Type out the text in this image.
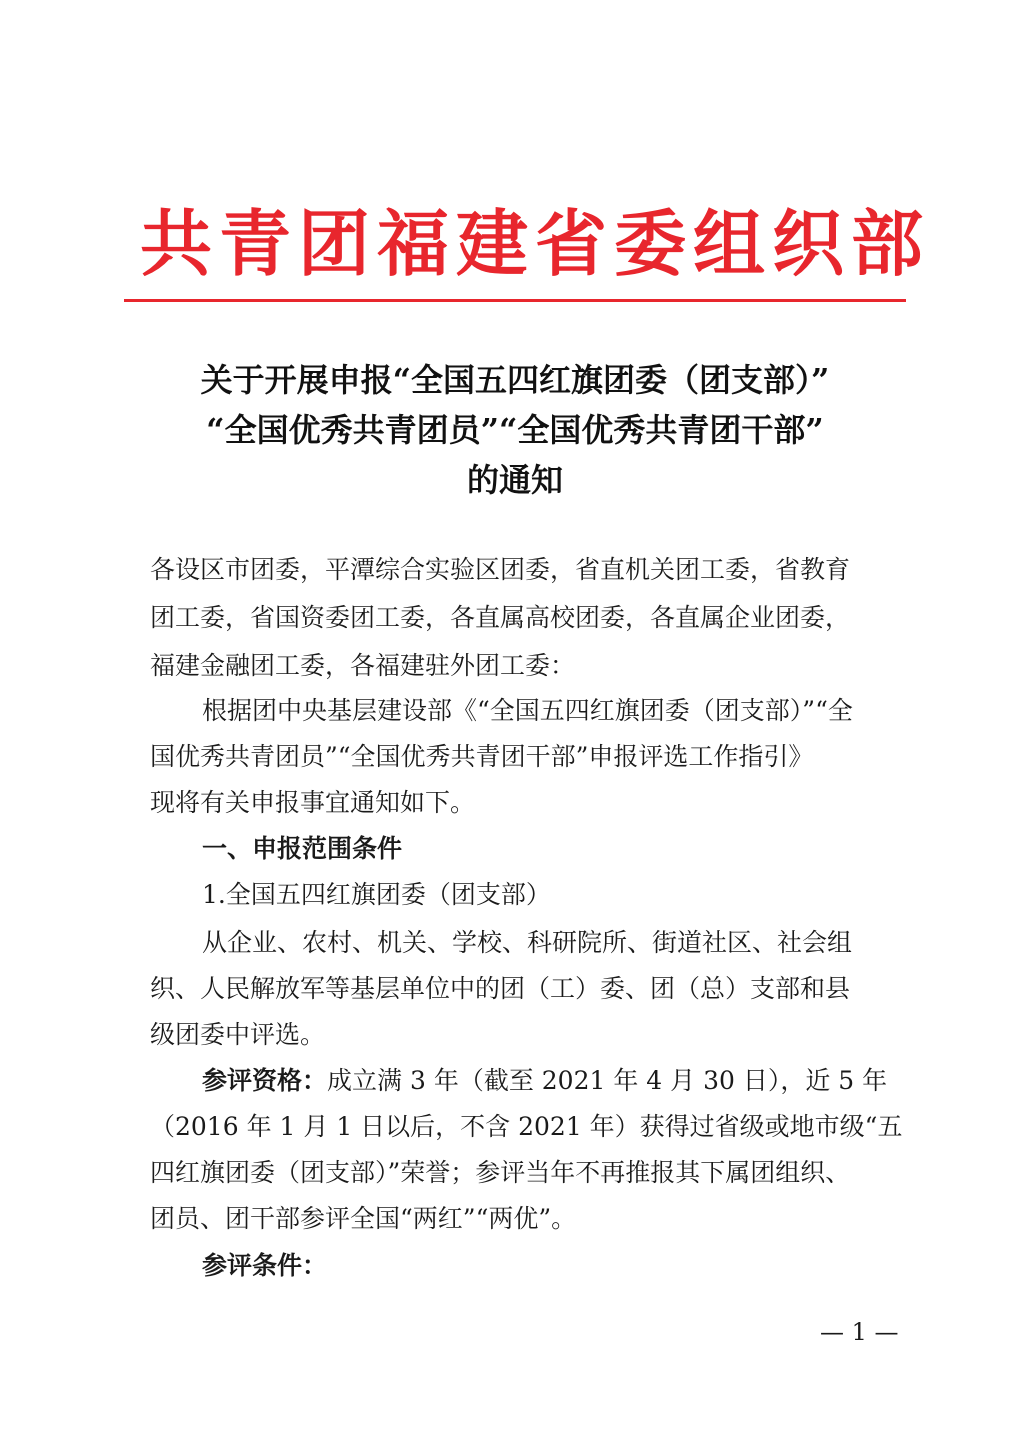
共青团福建省委组织部
关于开展申报“全国五四红旗团委（团支部）”
“全国优秀共青团员”“全国优秀共青团干部”
的通知
各设区市团委，平潭综合实验区团委，省直机关团工委，省教育
团工委，省国资委团工委，各直属高校团委，各直属企业团委，
福建金融团工委，各福建驻外团工委：
根据团中央基层建设部《“全国五四红旗团委（团支部）”“全
国优秀共青团员”“全国优秀共青团干部”申报评选工作指引》
现将有关申报事宜通知如下。
一、申报范围条件
1.全国五四红旗团委（团支部）
从企业、农村、机关、学校、科研院所、街道社区、社会组
织、人民解放军等基层单位中的团（工）委、团（总）支部和县
级团委中评选。
参评资格：成立满 3 年（截至 2021 年 4 月 30 日），近 5 年
（2016 年 1 月 1 日以后，不含 2021 年）获得过省级或地市级“五
四红旗团委（团支部）”荣誉；参评当年不再推报其下属团组织、
团员、团干部参评全国“两红”“两优”。
参评条件：
— 1 —
